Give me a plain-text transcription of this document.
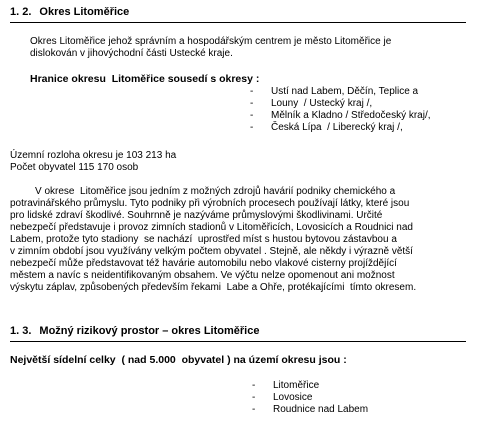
1. 2. Okres Litoměřice
Okres Litoměřice jehož správním a hospodářským centrem je město Litoměřice je
dislokován v jihovýchodní části Ustecké kraje.
Hranice okresu  Litoměřice sousedí s okresy :
- Ustí nad Labem, Děčín, Teplice a
- Louny  / Ustecký kraj /,
- Mělník a Kladno / Středočeský kraj/,
- Česká Lípa  / Liberecký kraj /,
Územní rozloha okresu je 103 213 ha
Počet obyvatel 115 170 osob
V okrese  Litoměřice jsou jedním z možných zdrojů havárií podniky chemického a
potravinářského průmyslu. Tyto podniky při výrobních procesech používají látky, které jsou
pro lidské zdraví škodlivé. Souhrnně je nazýváme průmyslovými škodlivinami. Určité
nebezpečí představuje i provoz zimních stadionů v Litoměřicích, Lovosicích a Roudnici nad
Labem, protože tyto stadiony  se nachází  uprostřed míst s hustou bytovou zástavbou a
v zimním období jsou využívány velkým počtem obyvatel . Stejně, ale někdy i výrazně větší
nebezpečí může představovat též havárie automobilu nebo vlakové cisterny projíždějící
městem a navíc s neidentifikovaným obsahem. Ve výčtu nelze opomenout ani možnost
výskytu záplav, způsobených především řekami  Labe a Ohře, protékajícími  tímto okresem.
1. 3. Možný rizikový prostor – okres Litoměřice
Největší sídelní celky  ( nad 5.000  obyvatel ) na území okresu jsou :
- Litoměřice
- Lovosice
- Roudnice nad Labem
